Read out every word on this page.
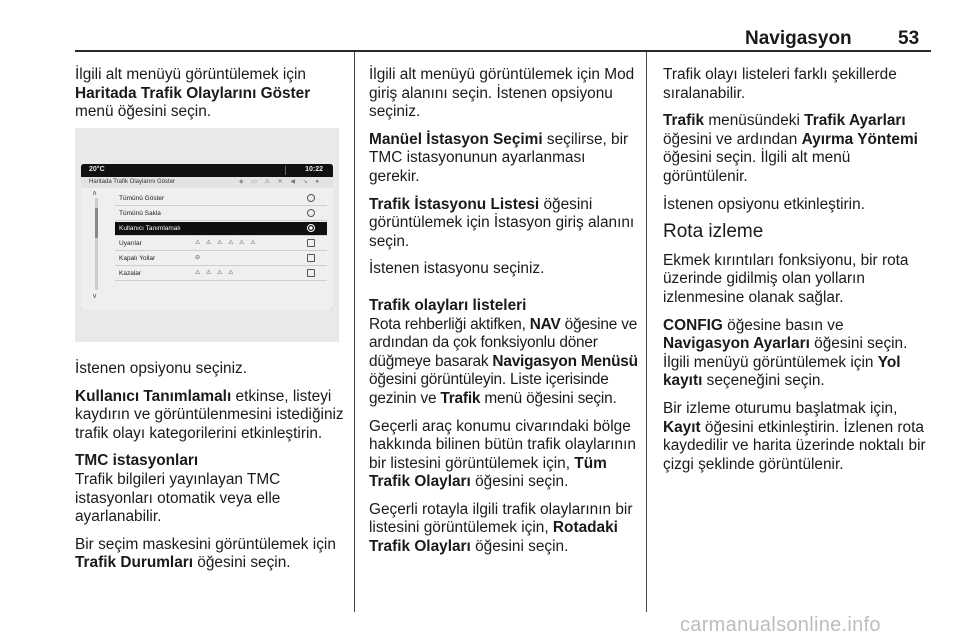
Navigasyon 53
İlgili alt menüyü görüntülemek için
Haritada Trafik Olaylarını Göster
menü öğesini seçin.
20°C	10:22
Haritada Trafik Olaylarını Göster	◈ ▭ ⚠ ✕ ◀ ↘ ●
∧
∨
Tümünü Göster
Tümünü Sakla
Kullanıcı Tanımlamalı
Uyarılar	⚠ ⚠ ⚠ ⚠ ⚠ ⚠
Kapalı Yollar	⊖
Kazalar	⚠ ⚠ ⚠ ⚠

İstenen opsiyonu seçiniz.

Kullanıcı Tanımlamalı etkinse, listeyi kaydırın ve görüntülenmesini istediğiniz trafik olayı kategorilerini etkinleştirin.

TMC istasyonları

Trafik bilgileri yayınlayan TMC istasyonları otomatik veya elle ayarlanabilir.

Bir seçim maskesini görüntülemek için Trafik Durumları öğesini seçin.

İlgili alt menüyü görüntülemek için Mod giriş alanını seçin. İstenen opsiyonu seçiniz.

Manüel İstasyon Seçimi seçilirse, bir TMC istasyonunun ayarlanması gerekir.

Trafik İstasyonu Listesi öğesini görüntülemek için İstasyon giriş alanını seçin.

İstenen istasyonu seçiniz.

Trafik olayları listeleri

Rota rehberliği aktifken, NAV öğesine ve ardından da çok fonksiyonlu döner düğmeye basarak Navigasyon Menüsü öğesini görüntüleyin. Liste içerisinde gezinin ve Trafik menü öğesini seçin.

Geçerli araç konumu civarındaki bölge hakkında bilinen bütün trafik olaylarının bir listesini görüntülemek için, Tüm Trafik Olayları öğesini seçin.

Geçerli rotayla ilgili trafik olaylarının bir listesini görüntülemek için, Rotadaki Trafik Olayları öğesini seçin.

Trafik olayı listeleri farklı şekillerde sıralanabilir.

Trafik menüsündeki Trafik Ayarları öğesini ve ardından Ayırma Yöntemi öğesini seçin. İlgili alt menü görüntülenir.

İstenen opsiyonu etkinleştirin.

Rota izleme

Ekmek kırıntıları fonksiyonu, bir rota üzerinde gidilmiş olan yolların izlenmesine olanak sağlar.

CONFIG öğesine basın ve

Navigasyon Ayarları öğesini seçin. İlgili menüyü görüntülemek için Yol kayıtı seçeneğini seçin.

Bir izleme oturumu başlatmak için, Kayıt öğesini etkinleştirin. İzlenen rota kaydedilir ve harita üzerinde noktalı bir çizgi şeklinde görüntülenir.

carmanualsonline.info
